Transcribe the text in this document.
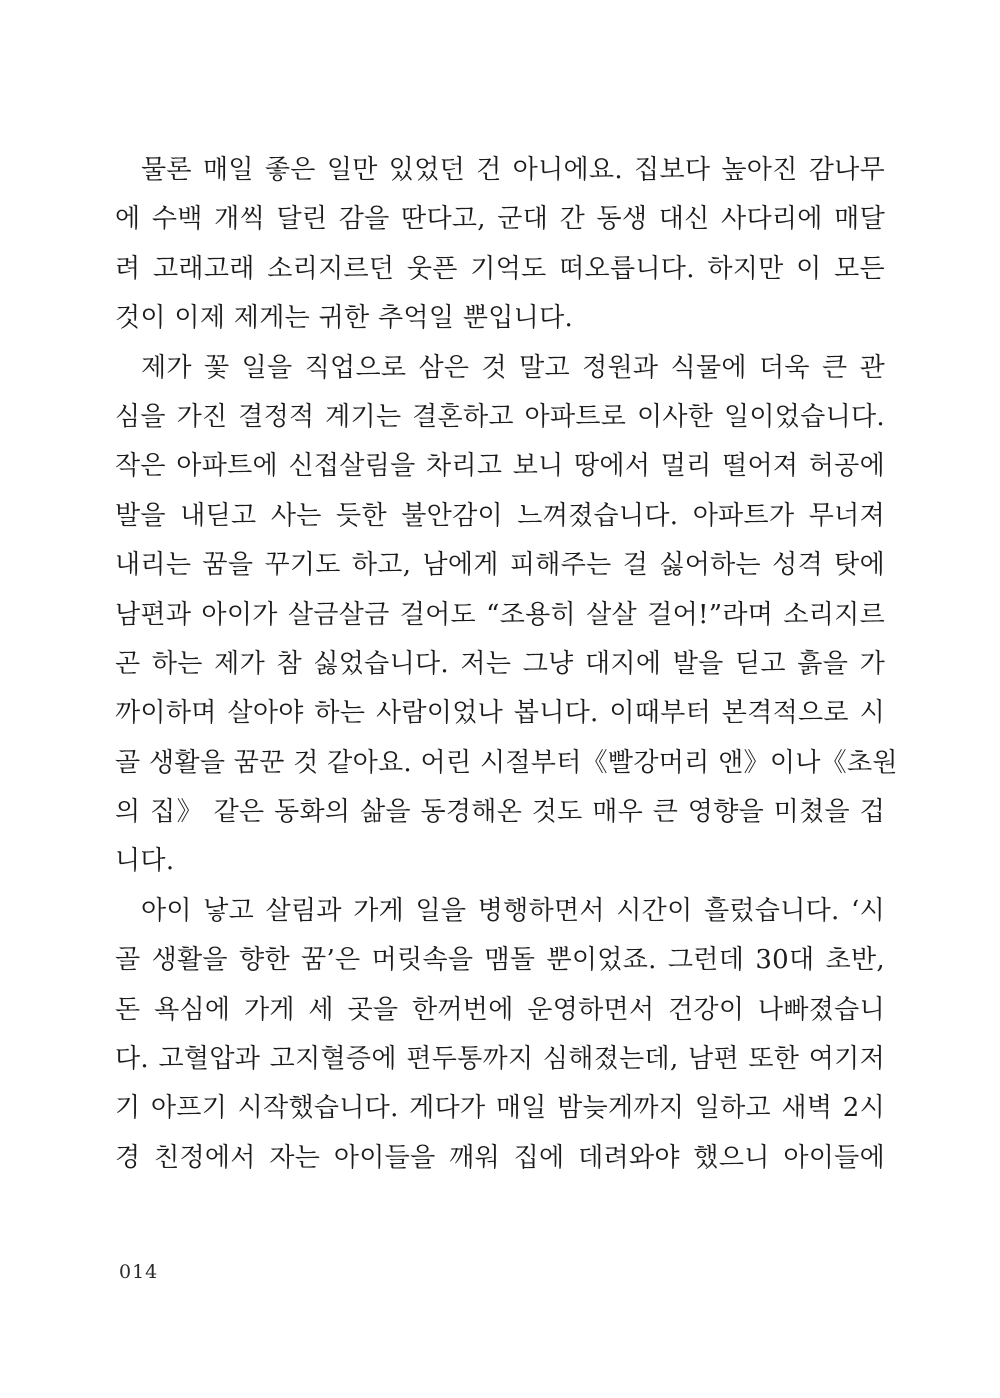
물론 매일 좋은 일만 있었던 건 아니에요. 집보다 높아진 감나무
에 수백 개씩 달린 감을 딴다고, 군대 간 동생 대신 사다리에 매달
려 고래고래 소리지르던 웃픈 기억도 떠오릅니다. 하지만 이 모든
것이 이제 제게는 귀한 추억일 뿐입니다.
제가 꽃 일을 직업으로 삼은 것 말고 정원과 식물에 더욱 큰 관
심을 가진 결정적 계기는 결혼하고 아파트로 이사한 일이었습니다.
작은 아파트에 신접살림을 차리고 보니 땅에서 멀리 떨어져 허공에
발을 내딛고 사는 듯한 불안감이 느껴졌습니다. 아파트가 무너져
내리는 꿈을 꾸기도 하고, 남에게 피해주는 걸 싫어하는 성격 탓에
남편과 아이가 살금살금 걸어도 “조용히 살살 걸어!”라며 소리지르
곤 하는 제가 참 싫었습니다. 저는 그냥 대지에 발을 딛고 흙을 가
까이하며 살아야 하는 사람이었나 봅니다. 이때부터 본격적으로 시
골 생활을 꿈꾼 것 같아요. 어린 시절부터《빨강머리 앤》이나《초원
의 집》 같은 동화의 삶을 동경해온 것도 매우 큰 영향을 미쳤을 겁
니다.
아이 낳고 살림과 가게 일을 병행하면서 시간이 흘렀습니다. ‘시
골 생활을 향한 꿈’은 머릿속을 맴돌 뿐이었죠. 그런데 30대 초반,
돈 욕심에 가게 세 곳을 한꺼번에 운영하면서 건강이 나빠졌습니
다. 고혈압과 고지혈증에 편두통까지 심해졌는데, 남편 또한 여기저
기 아프기 시작했습니다. 게다가 매일 밤늦게까지 일하고 새벽 2시
경 친정에서 자는 아이들을 깨워 집에 데려와야 했으니 아이들에
014
